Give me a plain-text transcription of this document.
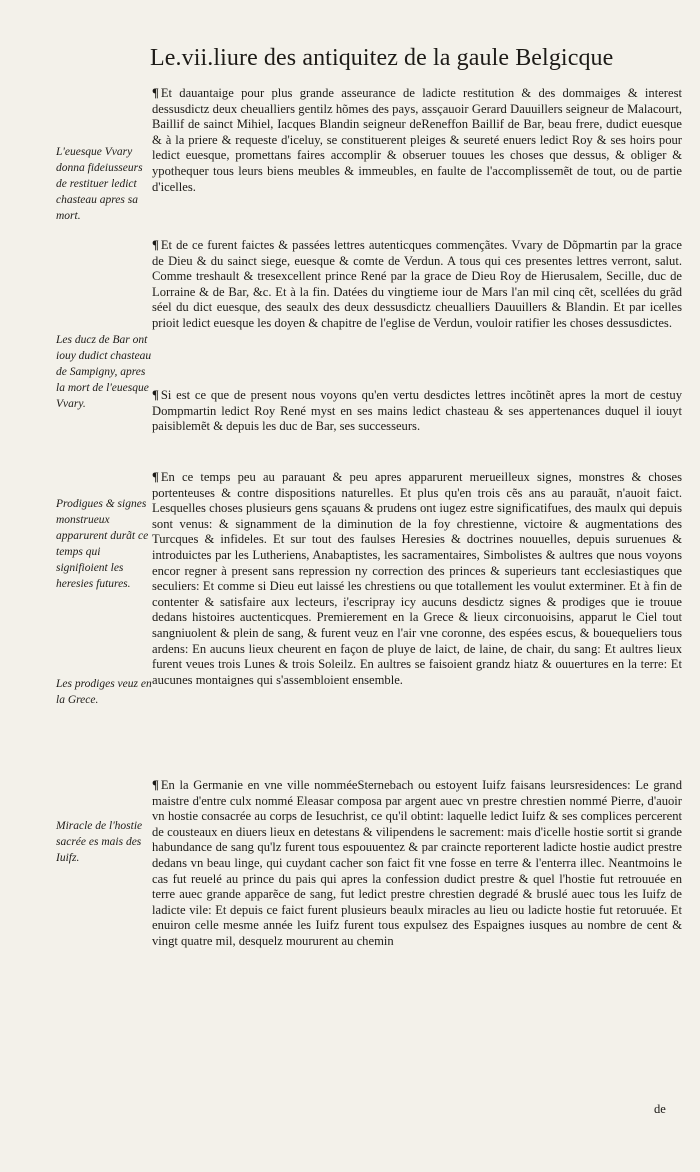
Le.vii.liure des antiquitez de la gaule Belgicque

¶ Et dauantaige pour plus grande asseurance de ladicte restitution & des dommaiges & interest dessusdictz deux cheualliers gentilz hõmes des pays, assçauoir Gerard Dauuillers seigneur de Malacourt, Baillif de sainct Mihiel, Iacques Blandin seigneur deReneffon Baillif de Bar, beau frere, dudict euesque & à la priere & requeste d'iceluy, se constituerent pleiges & seureté enuers ledict Roy & ses hoirs pour ledict euesque, promettans faires accomplir & obseruer touues les choses que dessus, & obliger & ypothequer tous leurs biens meubles & immeubles, en faulte de l'accomplissemẽt de tout, ou de partie d'icelles.

L'euesque Vvary donna fideiusseurs de restituer ledict chasteau apres sa mort.

¶ Et de ce furent faictes & passées lettres autenticques commençãtes. Vvary de Dõpmartin par la grace de Dieu & du sainct siege, euesque & comte de Verdun. A tous qui ces presentes lettres verront, salut. Comme treshault & tresexcellent prince René par la grace de Dieu Roy de Hierusalem, Secille, duc de Lorraine & de Bar, &c. Et à la fin. Datées du vingtieme iour de Mars l'an mil cinq cẽt, scellées du grãd séel du dict euesque, des seaulx des deux dessusdictz cheualliers Dauuillers & Blandin. Et par icelles prioit ledict euesque les doyen & chapitre de l'eglise de Verdun, vouloir ratifier les choses dessusdictes.

Les ducz de Bar ont iouy dudict chasteau de Sampigny, apres la mort de l'euesque Vvary.

¶ Si est ce que de present nous voyons qu'en vertu desdictes lettres incõtinẽt apres la mort de cestuy Dompmartin ledict Roy René myst en ses mains ledict chasteau & ses appertenances duquel il iouyt paisiblemẽt & depuis les duc de Bar, ses successeurs.

¶ En ce temps peu au parauant & peu apres apparurent merueilleux signes, monstres & choses portenteuses & contre dispositions naturelles. Et plus qu'en trois cẽs ans au parauãt, n'auoit faict. Lesquelles choses plusieurs gens sçauans & prudens ont iugez estre significatifues, des maulx qui depuis sont venus: & signamment de la diminution de la foy chrestienne, victoire & augmentations des Turcques & infideles. Et sur tout des faulses Heresies & doctrines nouuelles, depuis suruenues & introduictes par les Lutheriens, Anabaptistes, les sacramentaires, Simbolistes & aultres que nous voyons encor regner à present sans repression ny correction des princes & superieurs tant ecclesiastiques que seculiers: Et comme si Dieu eut laissé les chrestiens ou que totallement les voulut exterminer. Et à fin de contenter & satisfaire aux lecteurs, i'escripray icy aucuns desdictz signes & prodiges que ie trouue dedans histoires auctenticques. Premierement en la Grece & lieux circonuoisins, apparut le Ciel tout sangniuolent & plein de sang, & furent veuz en l'air vne coronne, des espées escus, & bouequeliers tous ardens: En aucuns lieux cheurent en façon de pluye de laict, de laine, de chair, du sang: Et aultres lieux furent veues trois Lunes & trois Soleilz. En aultres se faisoient grandz hiatz & ouuertures en la terre: Et aucunes montaignes qui s'assembloient ensemble.

Prodigues & signes monstrueux apparurent durãt ce temps qui signifioient les heresies futures.
Les prodiges veuz en la Grece.

¶ En la Germanie en vne ville nomméeSternebach ou estoyent Iuifz faisans leursresidences: Le grand maistre d'entre culx nommé Eleasar composa par argent auec vn prestre chrestien nommé Pierre, d'auoir vn hostie consacrée au corps de Iesuchrist, ce qu'il obtint: laquelle ledict Iuifz & ses complices percerent de cousteaux en diuers lieux en detestans & vilipendens le sacrement: mais d'icelle hostie sortit si grande habundance de sang qu'lz furent tous espouuentez & par craincte reporterent ladicte hostie audict prestre dedans vn beau linge, qui cuydant cacher son faict fit vne fosse en terre & l'enterra illec. Neantmoins le cas fut reuelé au prince du pais qui apres la confession dudict prestre & quel l'hostie fut retrouuée en terre auec grande apparẽce de sang, fut ledict prestre chrestien degradé & bruslé auec tous les Iuifz de ladicte vile: Et depuis ce faict furent plusieurs beaulx miracles au lieu ou ladicte hostie fut retoruuée. Et enuiron celle mesme année les Iuifz furent tous expulsez des Espaignes iusques au nombre de cent & vingt quatre mil, desquelz moururent au chemin

Miracle de l'hostie sacrée es mais des Iuifz.
de
